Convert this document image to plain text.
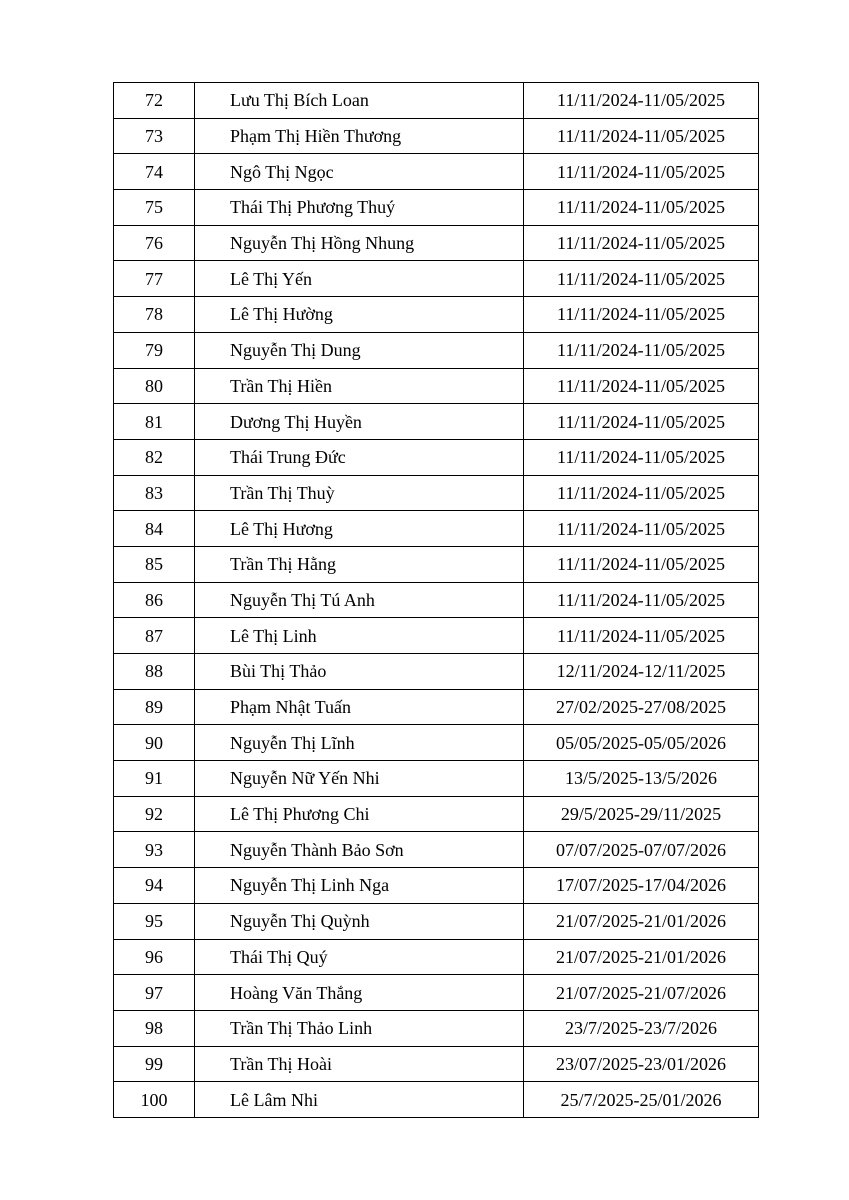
72	Lưu Thị Bích Loan	11/11/2024-11/05/2025
73	Phạm Thị Hiền Thương	11/11/2024-11/05/2025
74	Ngô Thị Ngọc	11/11/2024-11/05/2025
75	Thái Thị Phương Thuý	11/11/2024-11/05/2025
76	Nguyễn Thị Hồng Nhung	11/11/2024-11/05/2025
77	Lê Thị Yến	11/11/2024-11/05/2025
78	Lê Thị Hường	11/11/2024-11/05/2025
79	Nguyễn Thị Dung	11/11/2024-11/05/2025
80	Trần Thị Hiền	11/11/2024-11/05/2025
81	Dương Thị Huyền	11/11/2024-11/05/2025
82	Thái Trung Đức	11/11/2024-11/05/2025
83	Trần Thị Thuỳ	11/11/2024-11/05/2025
84	Lê Thị Hương	11/11/2024-11/05/2025
85	Trần Thị Hằng	11/11/2024-11/05/2025
86	Nguyễn Thị Tú Anh	11/11/2024-11/05/2025
87	Lê Thị Linh	11/11/2024-11/05/2025
88	Bùi Thị Thảo	12/11/2024-12/11/2025
89	Phạm Nhật Tuấn	27/02/2025-27/08/2025
90	Nguyễn Thị Lĩnh	05/05/2025-05/05/2026
91	Nguyễn Nữ Yến Nhi	13/5/2025-13/5/2026
92	Lê Thị Phương Chi	29/5/2025-29/11/2025
93	Nguyễn Thành Bảo Sơn	07/07/2025-07/07/2026
94	Nguyễn Thị Linh Nga	17/07/2025-17/04/2026
95	Nguyễn Thị Quỳnh	21/07/2025-21/01/2026
96	Thái Thị Quý	21/07/2025-21/01/2026
97	Hoàng Văn Thắng	21/07/2025-21/07/2026
98	Trần Thị Thảo Linh	23/7/2025-23/7/2026
99	Trần Thị Hoài	23/07/2025-23/01/2026
100	Lê Lâm Nhi	25/7/2025-25/01/2026
